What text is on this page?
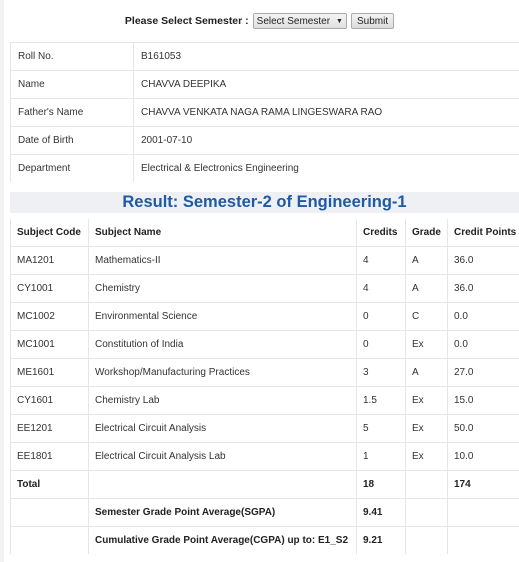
Please Select Semester : Select Semester ▼	Submit
Roll No.	B161053
Name	CHAVVA DEEPIKA
Father's Name	CHAVVA VENKATA NAGA RAMA LINGESWARA RAO
Date of Birth	2001-07-10
Department	Electrical & Electronics Engineering
Result: Semester-2 of Engineering-1
Subject Code	Subject Name	Credits	Grade	Credit Points
MA1201	Mathematics-II	4	A	36.0
CY1001	Chemistry	4	A	36.0
MC1002	Environmental Science	0	C	0.0
MC1001	Constitution of India	0	Ex	0.0
ME1601	Workshop/Manufacturing Practices	3	A	27.0
CY1601	Chemistry Lab	1.5	Ex	15.0
EE1201	Electrical Circuit Analysis	5	Ex	50.0
EE1801	Electrical Circuit Analysis Lab	1	Ex	10.0
Total		18		174
	Semester Grade Point Average(SGPA)	9.41		
	Cumulative Grade Point Average(CGPA) up to: E1_S2	9.21		
